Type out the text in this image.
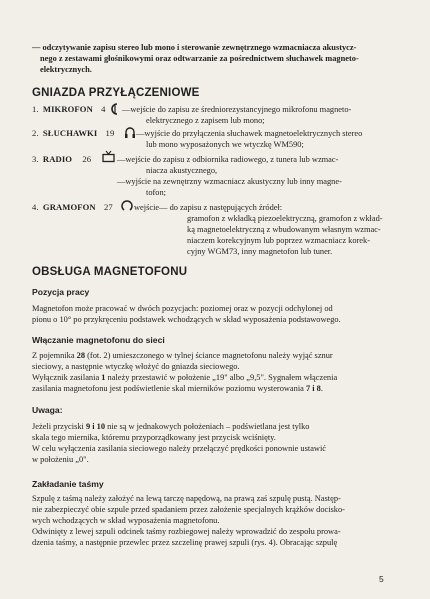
— odczytywanie zapisu stereo lub mono i sterowanie zewnętrznego wzmacniacza akustycz-
nego z zestawami głośnikowymi oraz odtwarzanie za pośrednictwem słuchawek magneto-
elektrycznych.
GNIAZDA PRZYŁĄCZENIOWE
1. MIKROFON 4 —wejście do zapisu ze średniorezystancyjnego mikrofonu magneto-
elektrycznego z zapisem lub mono;
2. SŁUCHAWKI 19	—wyjście do przyłączenia słuchawek magnetoelektrycznych stereo
lub mono wyposażonych we wtyczkę WM590;
3. RADIO 26	—wejście do zapisu z odbiornika radiowego, z tunera lub wzmac-
niacza akustycznego,
—wyjście na zewnętrzny wzmacniacz akustyczny lub inny magne-
tofon;
4. GRAMOFON 27	wejście— do zapisu z następujących źródeł:
gramofon z wkładką piezoelektryczną, gramofon z wkład-
ką magnetoelektryczną z wbudowanym własnym wzmac-
niaczem korekcyjnym lub poprzez wzmacniacz korek-
cyjny WGM73, inny magnetofon lub tuner.
OBSŁUGA MAGNETOFONU
Pozycja pracy
Magnetofon może pracować w dwóch pozycjach: poziomej oraz w pozycji odchylonej od
pionu o 10° po przykręceniu podstawek wchodzących w skład wyposażenia podstawowego.
Włączanie magnetofonu do sieci
Z pojemnika 28 (fot. 2) umieszczonego w tylnej ściance magnetofonu należy wyjąć sznur
sieciowy, a następnie wtyczkę włożyć do gniazda sieciowego.
Wyłącznik zasilania 1 należy przestawić w położenie „19" albo „9,5". Sygnałem włączenia
zasilania magnetofonu jest podświetlenie skal mierników poziomu wysterowania 7 i 8.
Uwaga:
Jeżeli przyciski 9 i 10 nie są w jednakowych położeniach – podświetlana jest tylko
skala tego miernika, któremu przyporządkowany jest przycisk wciśnięty.
W celu wyłączenia zasilania sieciowego należy przełączyć prędkości ponownie ustawić
w położeniu „0".
Zakładanie taśmy
Szpulę z taśmą należy założyć na lewą tarczę napędową, na prawą zaś szpulę pustą. Następ-
nie zabezpieczyć obie szpule przed spadaniem przez założenie specjalnych krążków docisko-
wych wchodzących w skład wyposażenia magnetofonu.
Odwinięty z lewej szpuli odcinek taśmy rozbiegowej należy wprowadzić do zespołu prowa-
dzenia taśmy, a następnie przewlec przez szczelinę prawej szpuli (rys. 4). Obracając szpulę
5
